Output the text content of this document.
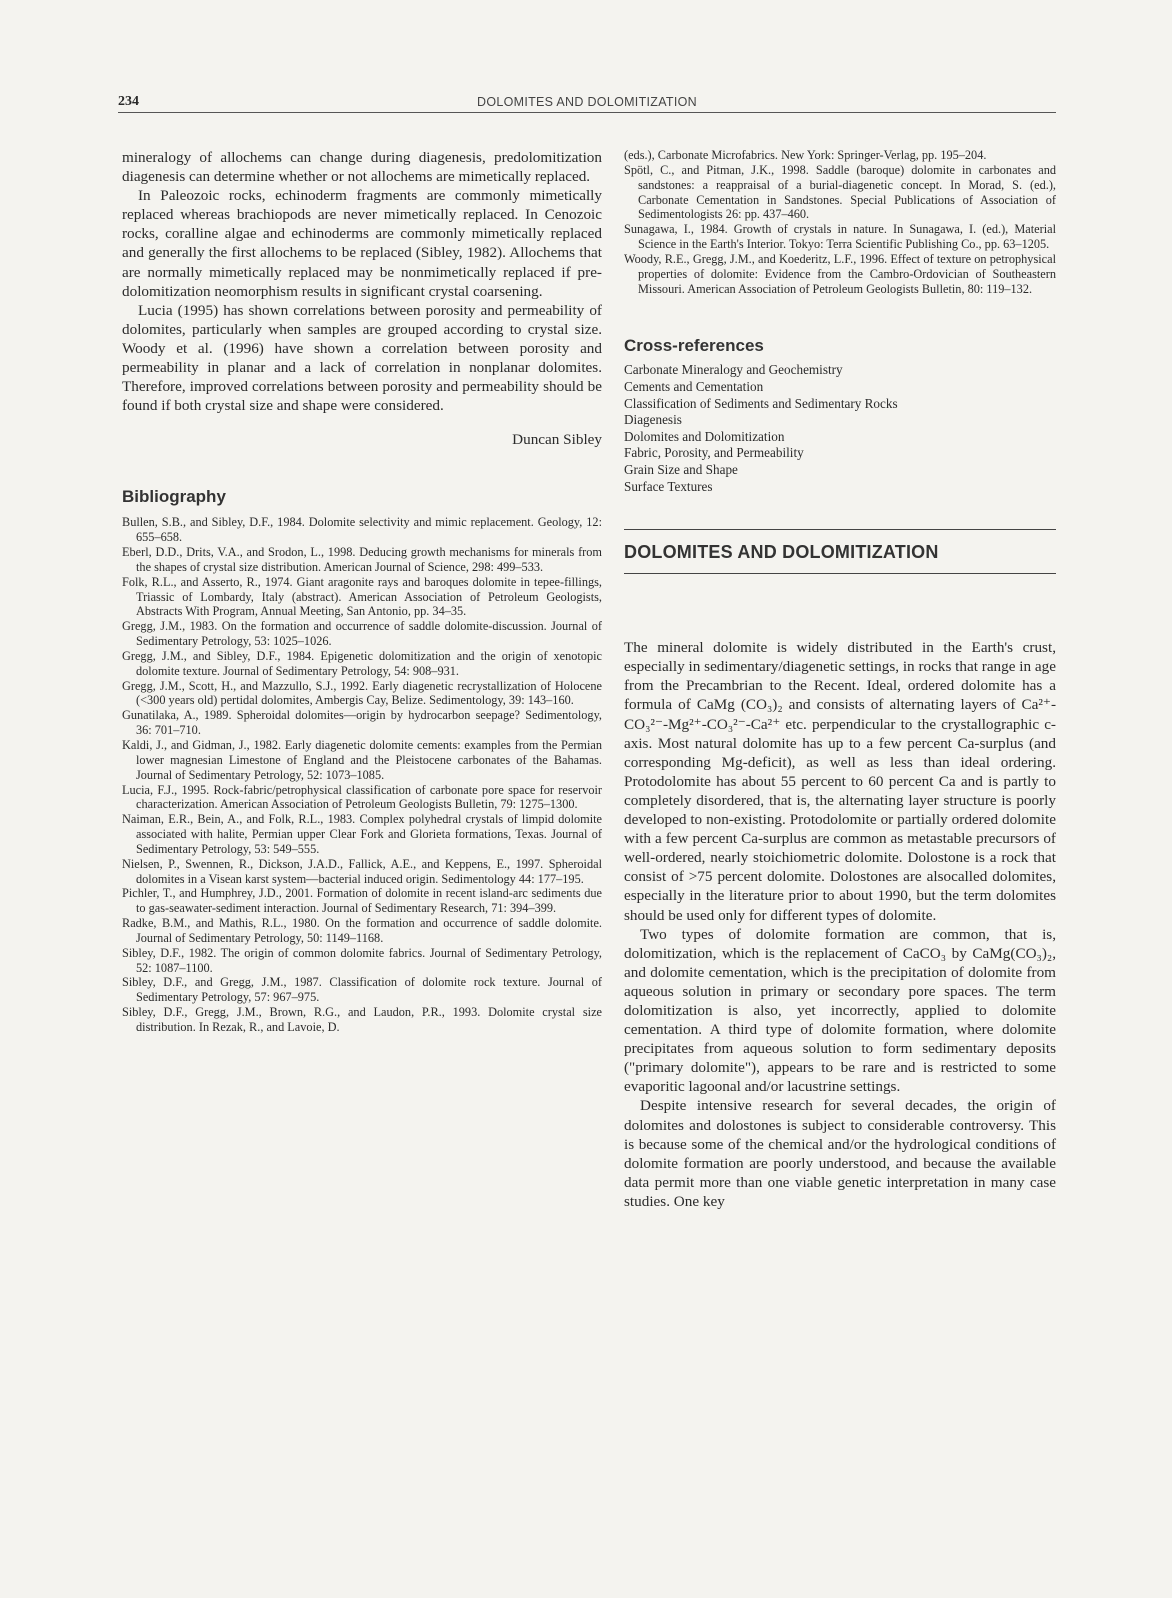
234	DOLOMITES AND DOLOMITIZATION

mineralogy of allochems can change during diagenesis, predolomitization diagenesis can determine whether or not allochems are mimetically replaced.

In Paleozoic rocks, echinoderm fragments are commonly mimetically replaced whereas brachiopods are never mimetically replaced. In Cenozoic rocks, coralline algae and echinoderms are commonly mimetically replaced and generally the first allochems to be replaced (Sibley, 1982). Allochems that are normally mimetically replaced may be nonmimetically replaced if pre-dolomitization neomorphism results in significant crystal coarsening.

Lucia (1995) has shown correlations between porosity and permeability of dolomites, particularly when samples are grouped according to crystal size. Woody et al. (1996) have shown a correlation between porosity and permeability in planar and a lack of correlation in nonplanar dolomites. Therefore, improved correlations between porosity and permeability should be found if both crystal size and shape were considered.

Duncan Sibley

Bibliography
Bullen, S.B., and Sibley, D.F., 1984. Dolomite selectivity and mimic replacement. Geology, 12: 655–658.
Eberl, D.D., Drits, V.A., and Srodon, L., 1998. Deducing growth mechanisms for minerals from the shapes of crystal size distribution. American Journal of Science, 298: 499–533.
Folk, R.L., and Asserto, R., 1974. Giant aragonite rays and baroques dolomite in tepee-fillings, Triassic of Lombardy, Italy (abstract). American Association of Petroleum Geologists, Abstracts With Program, Annual Meeting, San Antonio, pp. 34–35.
Gregg, J.M., 1983. On the formation and occurrence of saddle dolomite-discussion. Journal of Sedimentary Petrology, 53: 1025–1026.
Gregg, J.M., and Sibley, D.F., 1984. Epigenetic dolomitization and the origin of xenotopic dolomite texture. Journal of Sedimentary Petrology, 54: 908–931.
Gregg, J.M., Scott, H., and Mazzullo, S.J., 1992. Early diagenetic recrystallization of Holocene (<300 years old) pertidal dolomites, Ambergis Cay, Belize. Sedimentology, 39: 143–160.
Gunatilaka, A., 1989. Spheroidal dolomites—origin by hydrocarbon seepage? Sedimentology, 36: 701–710.
Kaldi, J., and Gidman, J., 1982. Early diagenetic dolomite cements: examples from the Permian lower magnesian Limestone of England and the Pleistocene carbonates of the Bahamas. Journal of Sedimentary Petrology, 52: 1073–1085.
Lucia, F.J., 1995. Rock-fabric/petrophysical classification of carbonate pore space for reservoir characterization. American Association of Petroleum Geologists Bulletin, 79: 1275–1300.
Naiman, E.R., Bein, A., and Folk, R.L., 1983. Complex polyhedral crystals of limpid dolomite associated with halite, Permian upper Clear Fork and Glorieta formations, Texas. Journal of Sedimentary Petrology, 53: 549–555.
Nielsen, P., Swennen, R., Dickson, J.A.D., Fallick, A.E., and Keppens, E., 1997. Spheroidal dolomites in a Visean karst system—bacterial induced origin. Sedimentology 44: 177–195.
Pichler, T., and Humphrey, J.D., 2001. Formation of dolomite in recent island-arc sediments due to gas-seawater-sediment interaction. Journal of Sedimentary Research, 71: 394–399.
Radke, B.M., and Mathis, R.L., 1980. On the formation and occurrence of saddle dolomite. Journal of Sedimentary Petrology, 50: 1149–1168.
Sibley, D.F., 1982. The origin of common dolomite fabrics. Journal of Sedimentary Petrology, 52: 1087–1100.
Sibley, D.F., and Gregg, J.M., 1987. Classification of dolomite rock texture. Journal of Sedimentary Petrology, 57: 967–975.
Sibley, D.F., Gregg, J.M., Brown, R.G., and Laudon, P.R., 1993. Dolomite crystal size distribution. In Rezak, R., and Lavoie, D.
(eds.), Carbonate Microfabrics. New York: Springer-Verlag, pp. 195–204.
Spötl, C., and Pitman, J.K., 1998. Saddle (baroque) dolomite in carbonates and sandstones: a reappraisal of a burial-diagenetic concept. In Morad, S. (ed.), Carbonate Cementation in Sandstones. Special Publications of Association of Sedimentologists 26: pp. 437–460.
Sunagawa, I., 1984. Growth of crystals in nature. In Sunagawa, I. (ed.), Material Science in the Earth's Interior. Tokyo: Terra Scientific Publishing Co., pp. 63–1205.
Woody, R.E., Gregg, J.M., and Koederitz, L.F., 1996. Effect of texture on petrophysical properties of dolomite: Evidence from the Cambro-Ordovician of Southeastern Missouri. American Association of Petroleum Geologists Bulletin, 80: 119–132.
Cross-references
Carbonate Mineralogy and Geochemistry
Cements and Cementation
Classification of Sediments and Sedimentary Rocks
Diagenesis
Dolomites and Dolomitization
Fabric, Porosity, and Permeability
Grain Size and Shape
Surface Textures
DOLOMITES AND DOLOMITIZATION

The mineral dolomite is widely distributed in the Earth's crust, especially in sedimentary/diagenetic settings, in rocks that range in age from the Precambrian to the Recent. Ideal, ordered dolomite has a formula of CaMg (CO₃)₂ and consists of alternating layers of Ca²⁺-CO₃²⁻-Mg²⁺-CO₃²⁻-Ca²⁺ etc. perpendicular to the crystallographic c-axis. Most natural dolomite has up to a few percent Ca-surplus (and corresponding Mg-deficit), as well as less than ideal ordering. Protodolomite has about 55 percent to 60 percent Ca and is partly to completely disordered, that is, the alternating layer structure is poorly developed to non-existing. Protodolomite or partially ordered dolomite with a few percent Ca-surplus are common as metastable precursors of well-ordered, nearly stoichiometric dolomite. Dolostone is a rock that consist of >75 percent dolomite. Dolostones are alsocalled dolomites, especially in the literature prior to about 1990, but the term dolomites should be used only for different types of dolomite.

Two types of dolomite formation are common, that is, dolomitization, which is the replacement of CaCO₃ by CaMg(CO₃)₂, and dolomite cementation, which is the precipitation of dolomite from aqueous solution in primary or secondary pore spaces. The term dolomitization is also, yet incorrectly, applied to dolomite cementation. A third type of dolomite formation, where dolomite precipitates from aqueous solution to form sedimentary deposits ("primary dolomite"), appears to be rare and is restricted to some evaporitic lagoonal and/or lacustrine settings.

Despite intensive research for several decades, the origin of dolomites and dolostones is subject to considerable controversy. This is because some of the chemical and/or the hydrological conditions of dolomite formation are poorly understood, and because the available data permit more than one viable genetic interpretation in many case studies. One key
